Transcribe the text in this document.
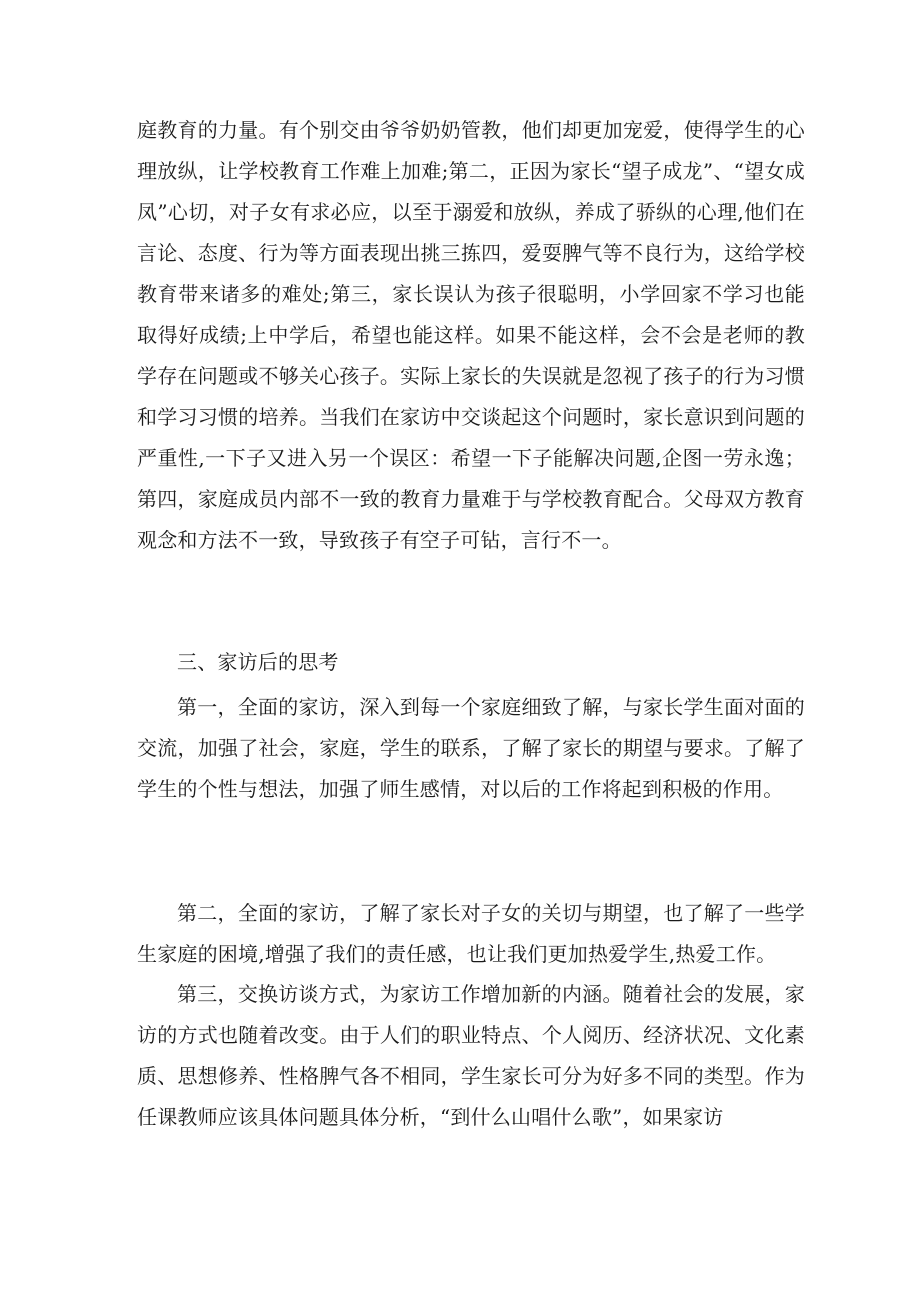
庭教育的力量。有个别交由爷爷奶奶管教，他们却更加宠爱，使得学生的心理放纵，让学校教育工作难上加难;第二，正因为家长“望子成龙”、“望女成凤”心切，对子女有求必应，以至于溺爱和放纵，养成了骄纵的心理,他们在言论、态度、行为等方面表现出挑三拣四，爱耍脾气等不良行为，这给学校教育带来诸多的难处;第三，家长误认为孩子很聪明，小学回家不学习也能取得好成绩;上中学后，希望也能这样。如果不能这样，会不会是老师的教学存在问题或不够关心孩子。实际上家长的失误就是忽视了孩子的行为习惯和学习习惯的培养。当我们在家访中交谈起这个问题时，家长意识到问题的严重性,一下子又进入另一个误区：希望一下子能解决问题,企图一劳永逸；第四，家庭成员内部不一致的教育力量难于与学校教育配合。父母双方教育观念和方法不一致，导致孩子有空子可钻，言行不一。

三、家访后的思考

第一，全面的家访，深入到每一个家庭细致了解，与家长学生面对面的交流，加强了社会，家庭，学生的联系，了解了家长的期望与要求。了解了学生的个性与想法，加强了师生感情，对以后的工作将起到积极的作用。

第二，全面的家访，了解了家长对子女的关切与期望，也了解了一些学生家庭的困境,增强了我们的责任感，也让我们更加热爱学生,热爱工作。

第三，交换访谈方式，为家访工作增加新的内涵。随着社会的发展，家访的方式也随着改变。由于人们的职业特点、个人阅历、经济状况、文化素质、思想修养、性格脾气各不相同，学生家长可分为好多不同的类型。作为任课教师应该具体问题具体分析，“到什么山唱什么歌”，如果家访
